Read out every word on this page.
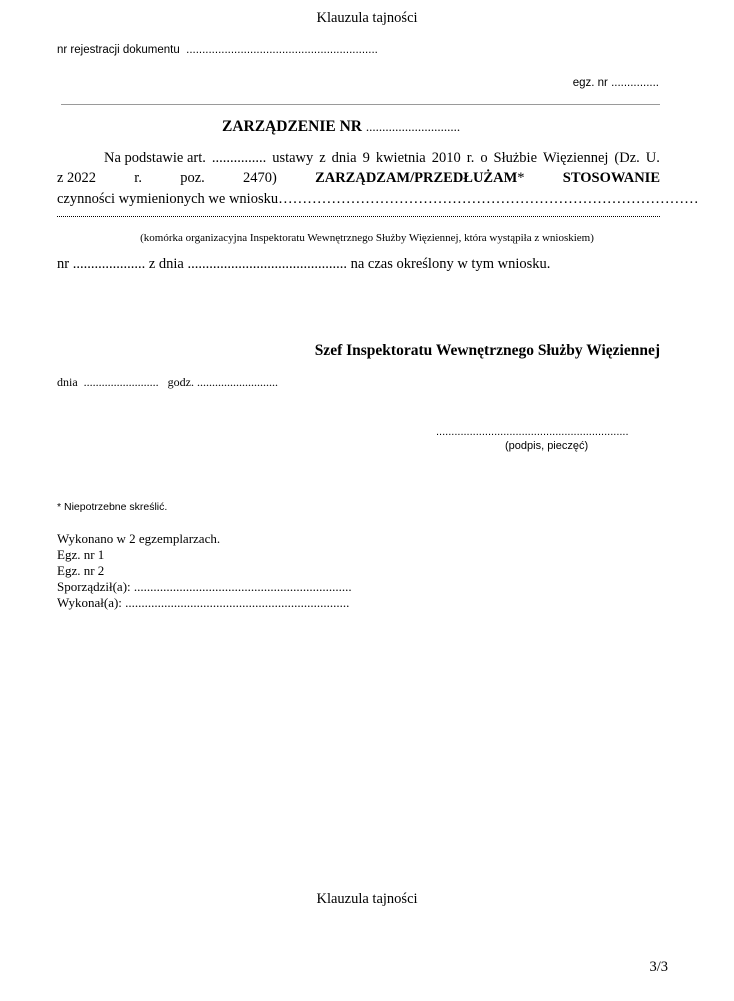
Klauzula tajności
nr rejestracji dokumentu ............................................................
egz. nr ...............
ZARZĄDZENIE NR .............................
Na podstawie art. ............... ustawy z dnia 9 kwietnia 2010 r. o Służbie Więziennej (Dz. U.
z 2022	r.	poz.	2470)	ZARZĄDZAM/PRZEDŁUŻAM*	STOSOWANIE
czynności wymienionych we wniosku……………………………………………………………………………
(komórka organizacyjna Inspektoratu Wewnętrznego Służby Więziennej, która wystąpiła z wnioskiem)
nr .................... z dnia ............................................ na czas określony w tym wniosku.
Szef Inspektoratu Wewnętrznego Służby Więziennej
dnia ......................... godz. ...........................
...............................................................
(podpis, pieczęć)
* Niepotrzebne skreślić.
Wykonano w 2 egzemplarzach.
Egz. nr 1
Egz. nr 2
Sporządził(a): ...................................................................
Wykonał(a): .....................................................................
Klauzula tajności
3/3
